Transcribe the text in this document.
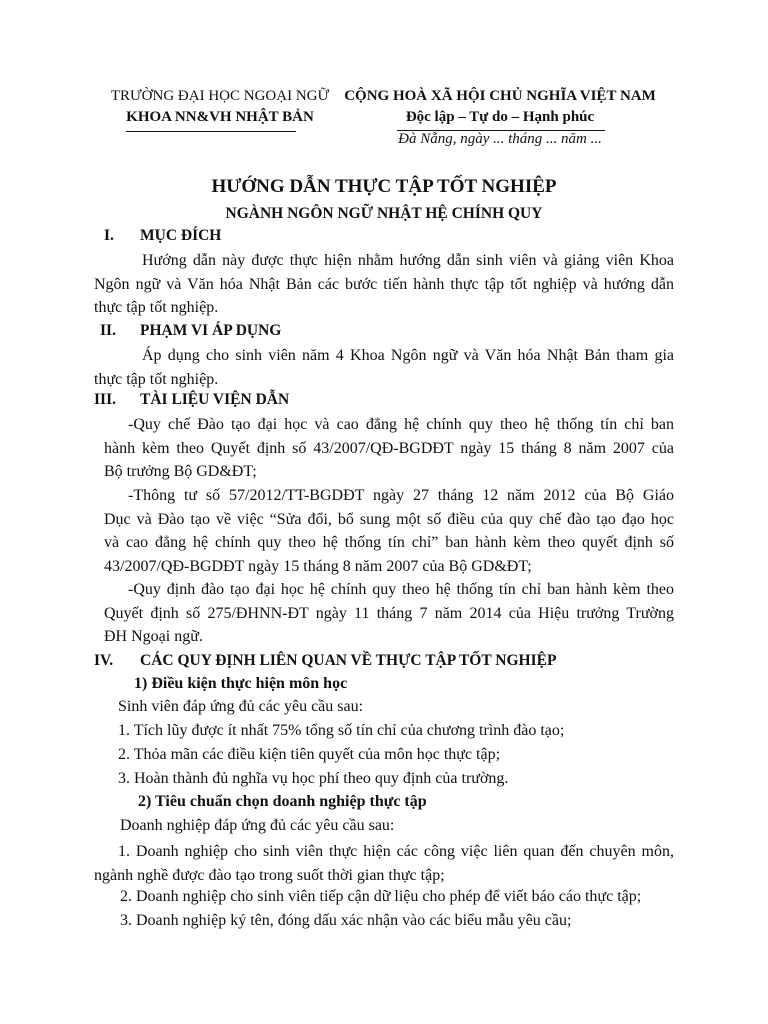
TRƯỜNG ĐẠI HỌC NGOẠI NGỮ
KHOA NN&VH NHẬT BẢN
CỘNG HOÀ XÃ HỘI CHỦ NGHĨA VIỆT NAM
Độc lập – Tự do – Hạnh phúc
Đà Nẵng, ngày ... tháng ... năm ...
HƯỚNG DẪN THỰC TẬP TỐT NGHIỆP
NGÀNH NGÔN NGỮ NHẬT HỆ CHÍNH QUY
I. MỤC ĐÍCH
Hướng dẫn này được thực hiện nhằm hướng dẫn sinh viên và giảng viên Khoa
Ngôn ngữ và Văn hóa Nhật Bản các bước tiến hành thực tập tốt nghiệp và hướng dẫn
thực tập tốt nghiệp.
II. PHẠM VI ÁP DỤNG
Áp dụng cho sinh viên năm 4 Khoa Ngôn ngữ và Văn hóa Nhật Bản tham gia
thực tập tốt nghiệp.
III. TÀI LIỆU VIỆN DẪN
-Quy chế Đào tạo đại học và cao đẳng hệ chính quy theo hệ thống tín chỉ ban
hành kèm theo Quyết định số 43/2007/QĐ-BGDĐT ngày 15 tháng 8 năm 2007 của
Bộ trưởng Bộ GD&ĐT;
-Thông tư số 57/2012/TT-BGDĐT ngày 27 tháng 12 năm 2012 của Bộ Giáo
Dục và Đào tạo về việc “Sửa đổi, bổ sung một số điều của quy chế đào tạo đạo học
và cao đẳng hệ chính quy theo hệ thống tín chỉ” ban hành kèm theo quyết định số
43/2007/QĐ-BGDĐT ngày 15 tháng 8 năm 2007 của Bộ GD&ĐT;
-Quy định đào tạo đại học hệ chính quy theo hệ thống tín chỉ ban hành kèm theo
Quyết định số 275/ĐHNN-ĐT ngày 11 tháng 7 năm 2014 của Hiệu trưởng Trường
ĐH Ngoại ngữ.
IV. CÁC QUY ĐỊNH LIÊN QUAN VỀ THỰC TẬP TỐT NGHIỆP
1) Điều kiện thực hiện môn học
Sinh viên đáp ứng đủ các yêu cầu sau:
1. Tích lũy được ít nhất 75% tổng số tín chỉ của chương trình đào tạo;
2. Thỏa mãn các điều kiện tiên quyết của môn học thực tập;
3. Hoàn thành đủ nghĩa vụ học phí theo quy định của trường.
2) Tiêu chuẩn chọn doanh nghiệp thực tập
Doanh nghiệp đáp ứng đủ các yêu cầu sau:
1. Doanh nghiệp cho sinh viên thực hiện các công việc liên quan đến chuyên môn,
ngành nghề được đào tạo trong suốt thời gian thực tập;
2. Doanh nghiệp cho sinh viên tiếp cận dữ liệu cho phép để viết báo cáo thực tập;
3. Doanh nghiệp ký tên, đóng dấu xác nhận vào các biểu mẫu yêu cầu;
